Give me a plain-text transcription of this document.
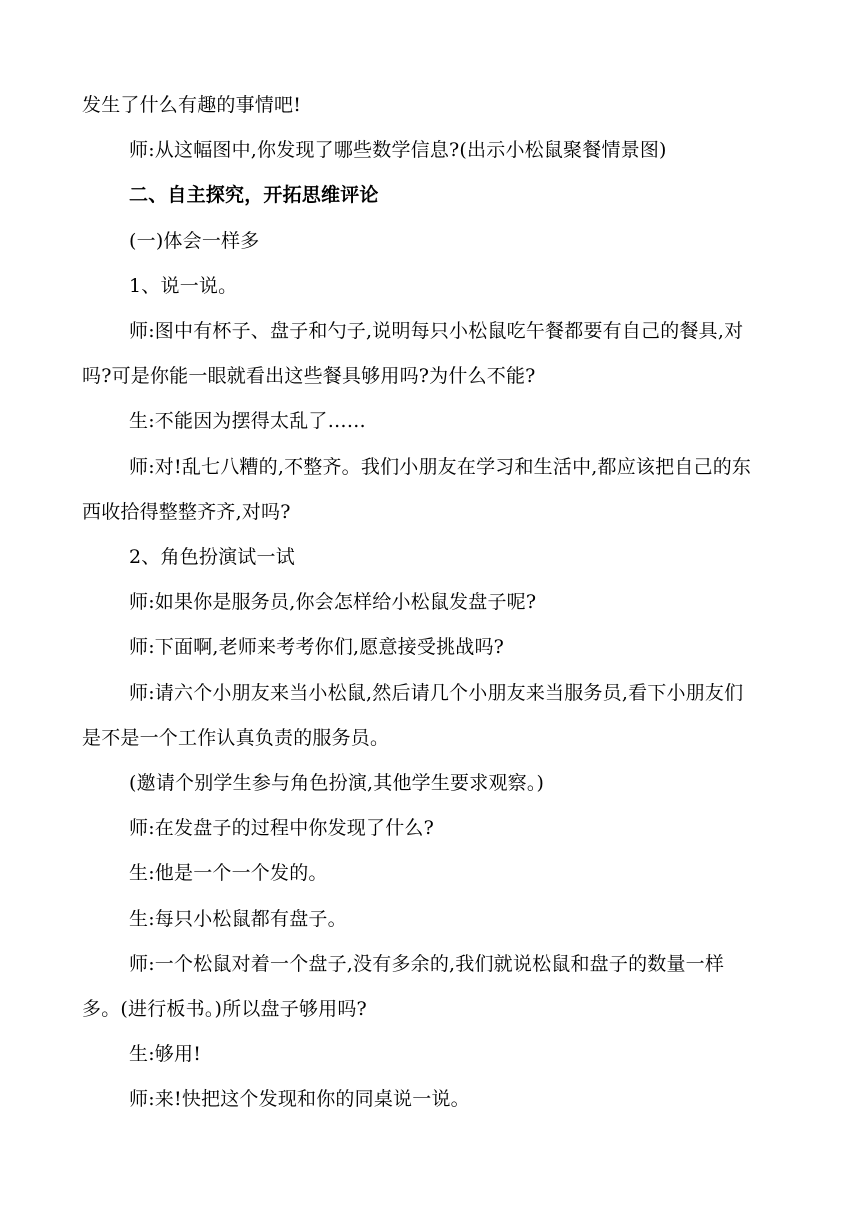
发生了什么有趣的事情吧!
师:从这幅图中,你发现了哪些数学信息?(出示小松鼠聚餐情景图)
二、自主探究，开拓思维评论
(一)体会一样多
1、说一说。
师:图中有杯子、盘子和勺子,说明每只小松鼠吃午餐都要有自己的餐具,对
吗?可是你能一眼就看出这些餐具够用吗?为什么不能?
生:不能因为摆得太乱了……
师:对!乱七八糟的,不整齐。我们小朋友在学习和生活中,都应该把自己的东
西收拾得整整齐齐,对吗?
2、角色扮演试一试
师:如果你是服务员,你会怎样给小松鼠发盘子呢?
师:下面啊,老师来考考你们,愿意接受挑战吗?
师:请六个小朋友来当小松鼠,然后请几个小朋友来当服务员,看下小朋友们
是不是一个工作认真负责的服务员。
(邀请个别学生参与角色扮演,其他学生要求观察。)
师:在发盘子的过程中你发现了什么?
生:他是一个一个发的。
生:每只小松鼠都有盘子。
师:一个松鼠对着一个盘子,没有多余的,我们就说松鼠和盘子的数量一样
多。(进行板书。)所以盘子够用吗?
生:够用!
师:来!快把这个发现和你的同桌说一说。
